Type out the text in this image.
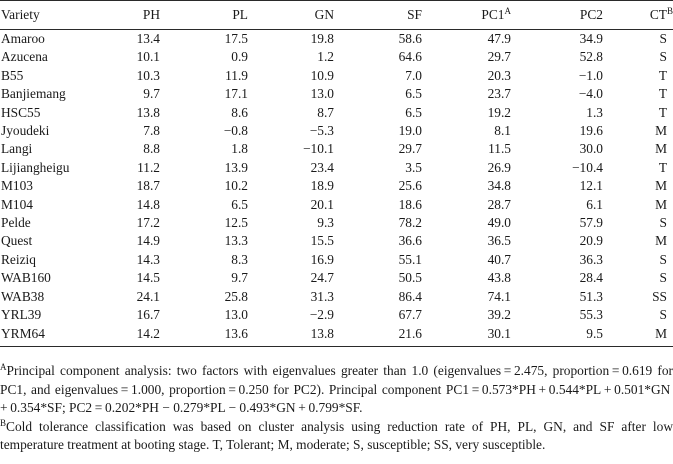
Variety	PH	PL	GN	SF	$PC1^A$	PC2	$CT^B$
Amaroo	13.4	17.5	19.8	58.6	47.9	34.9	S
Azucena	10.1	0.9	1.2	64.6	29.7	52.8	S
B55	10.3	11.9	10.9	7.0	20.3	−1.0	T
Banjiemang	9.7	17.1	13.0	6.5	23.7	−4.0	T
HSC55	13.8	8.6	8.7	6.5	19.2	1.3	T
Jyoudeki	7.8	−0.8	−5.3	19.0	8.1	19.6	M
Langi	8.8	1.8	−10.1	29.7	11.5	30.0	M
Lijiangheigu	11.2	13.9	23.4	3.5	26.9	−10.4	T
M103	18.7	10.2	18.9	25.6	34.8	12.1	M
M104	14.8	6.5	20.1	18.6	28.7	6.1	M
Pelde	17.2	12.5	9.3	78.2	49.0	57.9	S
Quest	14.9	13.3	15.5	36.6	36.5	20.9	M
Reiziq	14.3	8.3	16.9	55.1	40.7	36.3	S
WAB160	14.5	9.7	24.7	50.5	43.8	28.4	S
WAB38	24.1	25.8	31.3	86.4	74.1	51.3	SS
YRL39	16.7	13.0	−2.9	67.7	39.2	55.3	S
YRM64	14.2	13.6	13.8	21.6	30.1	9.5	M

$^A$Principal component analysis: two factors with eigenvalues greater than 1.0 (eigenvalues = 2.475, proportion = 0.619 for PC1, and eigenvalues = 1.000, proportion = 0.250 for PC2). Principal component PC1 = 0.573*PH + 0.544*PL + 0.501*GN + 0.354*SF; PC2 = 0.202*PH − 0.279*PL − 0.493*GN + 0.799*SF.

$^B$Cold tolerance classification was based on cluster analysis using reduction rate of PH, PL, GN, and SF after low temperature treatment at booting stage. T, Tolerant; M, moderate; S, susceptible; SS, very susceptible.
